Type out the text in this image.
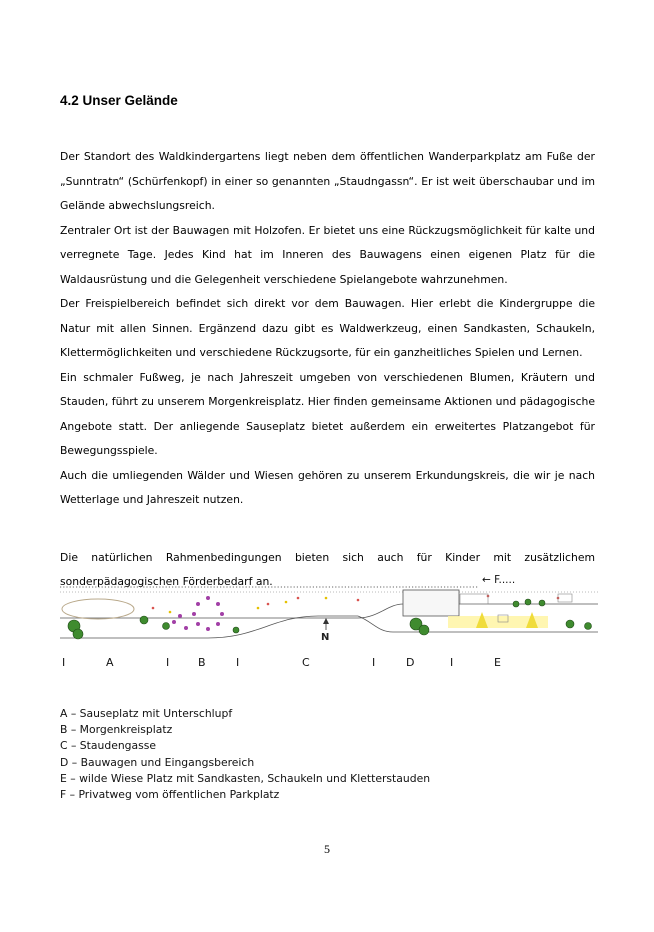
4.2 Unser Gelände

Der Standort des Waldkindergartens liegt neben dem öffentlichen Wanderparkplatz am Fuße der „Sunntratn“ (Schürfenkopf) in einer so genannten „Staudngassn“. Er ist weit überschaubar und im Gelände abwechslungsreich.

Zentraler Ort ist der Bauwagen mit Holzofen. Er bietet uns eine Rückzugsmöglichkeit für kalte und verregnete Tage. Jedes Kind hat im Inneren des Bauwagens einen eigenen Platz für die Waldausrüstung und die Gelegenheit verschiedene Spielangebote wahrzunehmen.

Der Freispielbereich befindet sich direkt vor dem Bauwagen. Hier erlebt die Kindergruppe die Natur mit allen Sinnen. Ergänzend dazu gibt es Waldwerkzeug, einen Sandkasten, Schaukeln, Klettermöglichkeiten und verschiedene Rückzugsorte, für ein ganzheitliches Spielen und Lernen.

Ein schmaler Fußweg, je nach Jahreszeit umgeben von verschiedenen Blumen, Kräutern und Stauden, führt zu unserem Morgenkreisplatz. Hier finden gemeinsame Aktionen und pädagogische Angebote statt. Der anliegende Sauseplatz bietet außerdem ein erweitertes Platzangebot für Bewegungsspiele.

Auch die umliegenden Wälder und Wiesen gehören zu unserem Erkundungskreis, die wir je nach Wetterlage und Jahreszeit nutzen.

Die natürlichen Rahmenbedingungen bieten sich auch für Kinder mit zusätzlichem sonderpädagogischen Förderbedarf an.	← F.....
N
I	A	I	B	I	C	I	D	I	E
A – Sauseplatz mit Unterschlupf
B – Morgenkreisplatz
C – Staudengasse
D – Bauwagen und Eingangsbereich
E – wilde Wiese Platz mit Sandkasten, Schaukeln und Kletterstauden
F – Privatweg vom öffentlichen Parkplatz
5
